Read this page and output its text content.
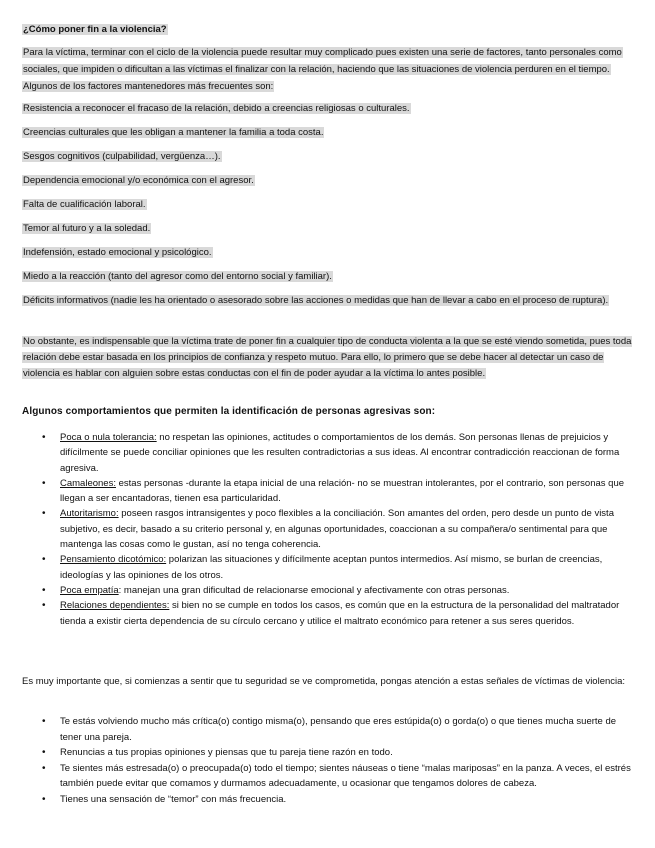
¿Cómo poner fin a la violencia?

Para la víctima, terminar con el ciclo de la violencia puede resultar muy complicado pues existen una serie de factores, tanto personales como sociales, que impiden o dificultan a las víctimas el finalizar con la relación, haciendo que las situaciones de violencia perduren en el tiempo. Algunos de los factores mantenedores más frecuentes son:

Resistencia a reconocer el fracaso de la relación, debido a creencias religiosas o culturales.

Creencias culturales que les obligan a mantener la familia a toda costa.

Sesgos cognitivos (culpabilidad, vergüenza…).

Dependencia emocional y/o económica con el agresor.

Falta de cualificación laboral.

Temor al futuro y a la soledad.

Indefensión, estado emocional y psicológico.

Miedo a la reacción (tanto del agresor como del entorno social y familiar).

Déficits informativos (nadie les ha orientado o asesorado sobre las acciones o medidas que han de llevar a cabo en el proceso de ruptura).

No obstante, es indispensable que la víctima trate de poner fin a cualquier tipo de conducta violenta a la que se esté viendo sometida, pues toda relación debe estar basada en los principios de confianza y respeto mutuo. Para ello, lo primero que se debe hacer al detectar un caso de violencia es hablar con alguien sobre estas conductas con el fin de poder ayudar a la víctima lo antes posible.

Algunos comportamientos que permiten la identificación de personas agresivas son:

• Poca o nula tolerancia: no respetan las opiniones, actitudes o comportamientos de los demás. Son personas llenas de prejuicios y difícilmente se puede conciliar opiniones que les resulten contradictorias a sus ideas. Al encontrar contradicción reaccionan de forma agresiva.
• Camaleones: estas personas -durante la etapa inicial de una relación- no se muestran intolerantes, por el contrario, son personas que llegan a ser encantadoras, tienen esa particularidad.
• Autoritarismo: poseen rasgos intransigentes y poco flexibles a la conciliación. Son amantes del orden, pero desde un punto de vista subjetivo, es decir, basado a su criterio personal y, en algunas oportunidades, coaccionan a su compañera/o sentimental para que mantenga las cosas como le gustan, así no tenga coherencia.
• Pensamiento dicotómico: polarizan las situaciones y difícilmente aceptan puntos intermedios. Así mismo, se burlan de creencias, ideologías y las opiniones de los otros.
• Poca empatía: manejan una gran dificultad de relacionarse emocional y afectivamente con otras personas.
• Relaciones dependientes: si bien no se cumple en todos los casos, es común que en la estructura de la personalidad del maltratador tienda a existir cierta dependencia de su círculo cercano y utilice el maltrato económico para retener a sus seres queridos.

Es muy importante que, si comienzas a sentir que tu seguridad se ve comprometida, pongas atención a estas señales de víctimas de violencia:

• Te estás volviendo mucho más crítica(o) contigo misma(o), pensando que eres estúpida(o) o gorda(o) o que tienes mucha suerte de tener una pareja.
• Renuncias a tus propias opiniones y piensas que tu pareja tiene razón en todo.
• Te sientes más estresada(o) o preocupada(o) todo el tiempo; sientes náuseas o tiene “malas mariposas” en la panza. A veces, el estrés también puede evitar que comamos y durmamos adecuadamente, u ocasionar que tengamos dolores de cabeza.
• Tienes una sensación de “temor” con más frecuencia.
